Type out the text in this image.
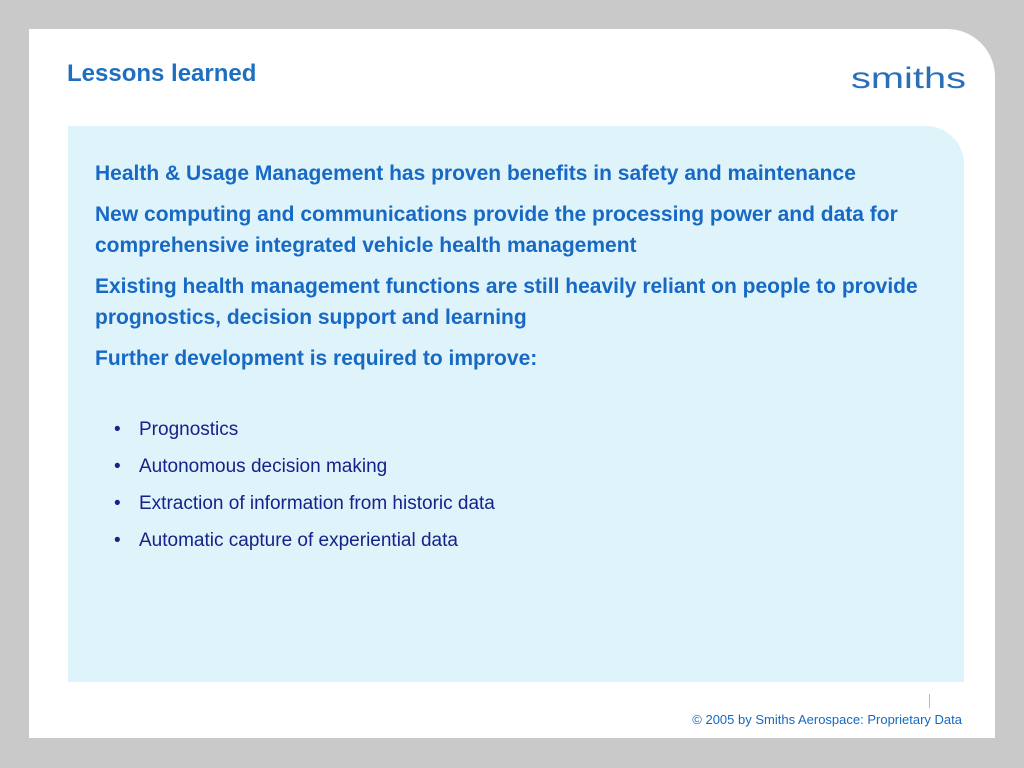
Lessons learned	smiths
Health & Usage Management has proven benefits in safety and maintenance
New computing and communications provide the processing power and data for comprehensive integrated vehicle health management
Existing health management functions are still heavily reliant on people to provide prognostics, decision support and learning
Further development is required to improve:
• Prognostics
• Autonomous decision making
• Extraction of information from historic data
• Automatic capture of experiential data
© 2005 by Smiths Aerospace: Proprietary Data
